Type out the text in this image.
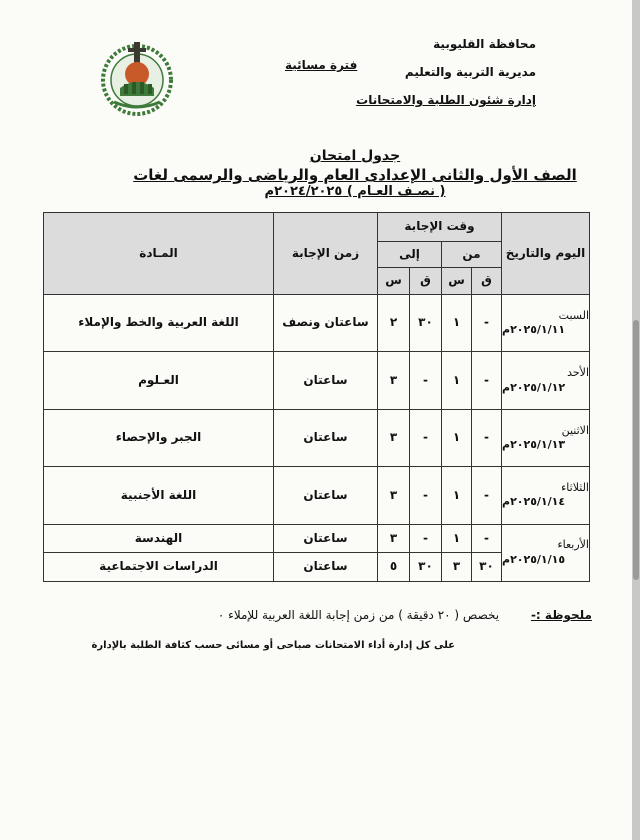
محافظة القليوبية
مديرية التربية والتعليم
إدارة شئون الطلبة والامتحانات
فترة مسائية
جدول امتحان
الصف الأول والثانى الإعدادى العام والرياضى والرسمى لغات
( نصـف العـام ) ٢٠٢٤/٢٠٢٥م
اليوم والتاريخ	وقت الإجابة				زمن الإجابة	المـادة
	من		إلى			
	ق	س	ق	س		

السبت
٢٠٢٥/١/١١م	-	١	٣٠	٢	ساعتان ونصف	اللغة العربية والخط والإملاء

الأحد
٢٠٢٥/١/١٢م	-	١	-	٣	ساعتان	العـلوم

الاثنين
٢٠٢٥/١/١٣م	-	١	-	٣	ساعتان	الجبر والإحصاء

الثلاثاء
٢٠٢٥/١/١٤م	-	١	-	٣	ساعتان	اللغة الأجنبية

الأربعاء
٢٠٢٥/١/١٥م	-	١	-	٣	ساعتان	الهندسة
	٣٠	٣	٣٠	٥	ساعتان	الدراسات الاجتماعية
ملحوظة :- يخصص ( ٢٠ دقيقة ) من زمن إجابة اللغة العربية للإملاء ٠
على كل إدارة أداء الامتحانات صباحى أو مسائى حسب كثافة الطلبة بالإدارة
